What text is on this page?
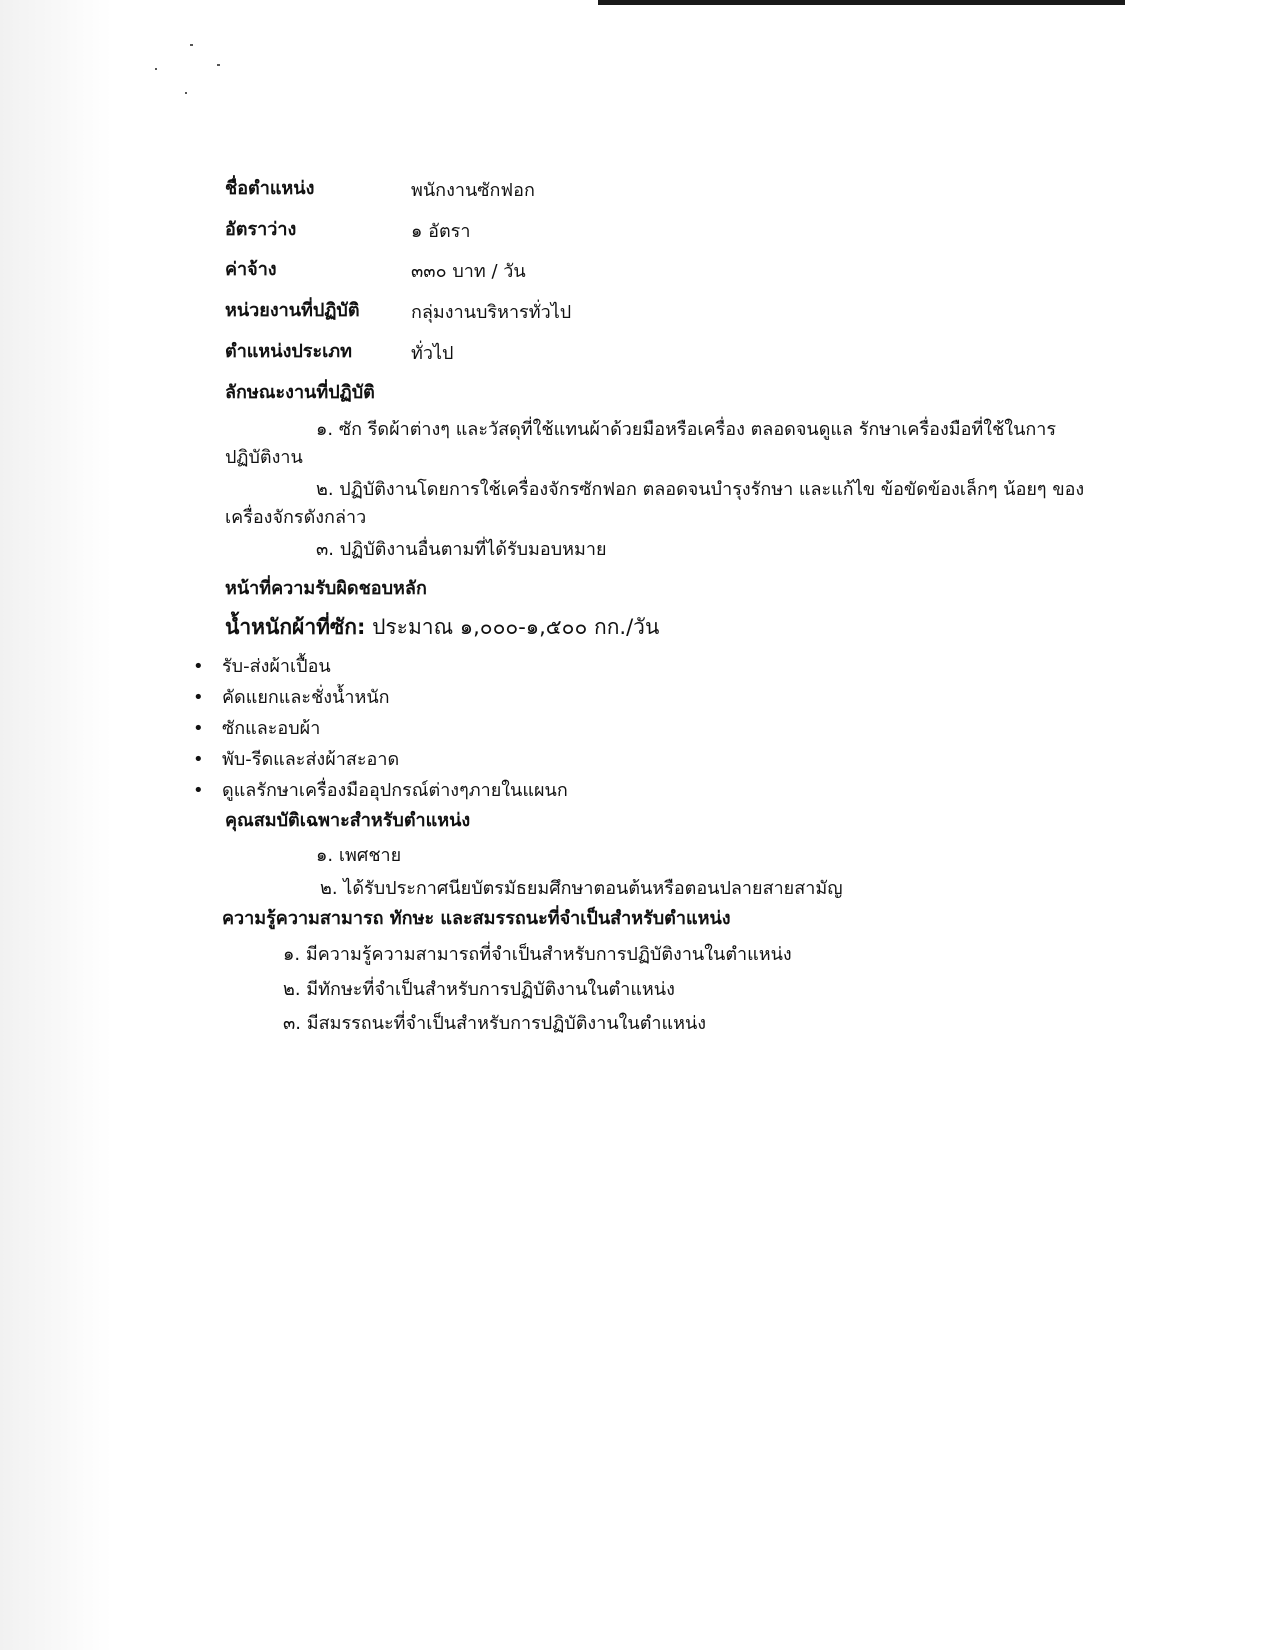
ชื่อตำแหน่ง	พนักงานซักฟอก
อัตราว่าง	๑ อัตรา
ค่าจ้าง	๓๓๐ บาท / วัน
หน่วยงานที่ปฏิบัติ	กลุ่มงานบริหารทั่วไป
ตำแหน่งประเภท	ทั่วไป
ลักษณะงานที่ปฏิบัติ
๑. ซัก รีดผ้าต่างๆ และวัสดุที่ใช้แทนผ้าด้วยมือหรือเครื่อง ตลอดจนดูแล รักษาเครื่องมือที่ใช้ในการ
ปฏิบัติงาน
๒. ปฏิบัติงานโดยการใช้เครื่องจักรซักฟอก ตลอดจนบำรุงรักษา และแก้ไข ข้อขัดข้องเล็กๆ น้อยๆ ของ
เครื่องจักรดังกล่าว
๓. ปฏิบัติงานอื่นตามที่ได้รับมอบหมาย
หน้าที่ความรับผิดชอบหลัก
น้ำหนักผ้าที่ซัก: ประมาณ ๑,๐๐๐-๑,๕๐๐ กก./วัน
• รับ-ส่งผ้าเปื้อน
• คัดแยกและชั่งน้ำหนัก
• ซักและอบผ้า
• พับ-รีดและส่งผ้าสะอาด
• ดูแลรักษาเครื่องมืออุปกรณ์ต่างๆภายในแผนก
คุณสมบัติเฉพาะสำหรับตำแหน่ง
๑. เพศชาย
๒. ได้รับประกาศนียบัตรมัธยมศึกษาตอนต้นหรือตอนปลายสายสามัญ
ความรู้ความสามารถ ทักษะ และสมรรถนะที่จำเป็นสำหรับตำแหน่ง
๑. มีความรู้ความสามารถที่จำเป็นสำหรับการปฏิบัติงานในตำแหน่ง
๒. มีทักษะที่จำเป็นสำหรับการปฏิบัติงานในตำแหน่ง
๓. มีสมรรถนะที่จำเป็นสำหรับการปฏิบัติงานในตำแหน่ง
